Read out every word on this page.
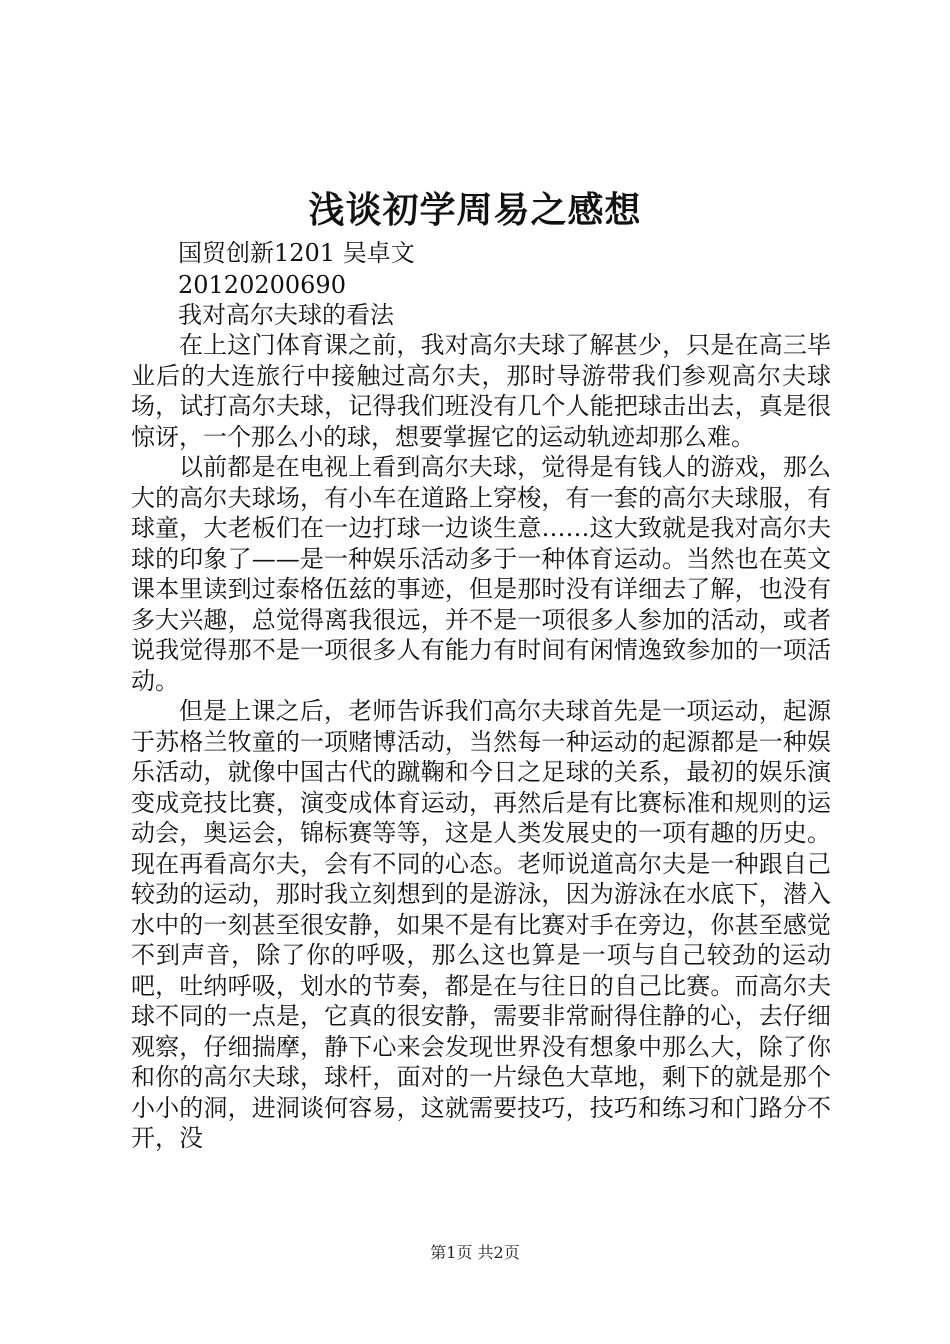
浅谈初学周易之感想
国贸创新1201 吴卓文
20120200690
我对高尔夫球的看法

在上这门体育课之前，我对高尔夫球了解甚少，只是在高三毕业后的大连旅行中接触过高尔夫，那时导游带我们参观高尔夫球场，试打高尔夫球，记得我们班没有几个人能把球击出去，真是很惊讶，一个那么小的球，想要掌握它的运动轨迹却那么难。

以前都是在电视上看到高尔夫球，觉得是有钱人的游戏，那么大的高尔夫球场，有小车在道路上穿梭，有一套的高尔夫球服，有球童，大老板们在一边打球一边谈生意……这大致就是我对高尔夫球的印象了——是一种娱乐活动多于一种体育运动。当然也在英文课本里读到过泰格伍兹的事迹，但是那时没有详细去了解，也没有多大兴趣，总觉得离我很远，并不是一项很多人参加的活动，或者说我觉得那不是一项很多人有能力有时间有闲情逸致参加的一项活动。

但是上课之后，老师告诉我们高尔夫球首先是一项运动，起源于苏格兰牧童的一项赌博活动，当然每一种运动的起源都是一种娱乐活动，就像中国古代的蹴鞠和今日之足球的关系，最初的娱乐演变成竞技比赛，演变成体育运动，再然后是有比赛标准和规则的运动会，奥运会，锦标赛等等，这是人类发展史的一项有趣的历史。现在再看高尔夫，会有不同的心态。老师说道高尔夫是一种跟自己较劲的运动，那时我立刻想到的是游泳，因为游泳在水底下，潜入水中的一刻甚至很安静，如果不是有比赛对手在旁边，你甚至感觉不到声音，除了你的呼吸，那么这也算是一项与自己较劲的运动吧，吐纳呼吸，划水的节奏，都是在与往日的自己比赛。而高尔夫球不同的一点是，它真的很安静，需要非常耐得住静的心，去仔细观察，仔细揣摩，静下心来会发现世界没有想象中那么大，除了你和你的高尔夫球，球杆，面对的一片绿色大草地，剩下的就是那个小小的洞，进洞谈何容易，这就需要技巧，技巧和练习和门路分不开，没

第1页 共2页
